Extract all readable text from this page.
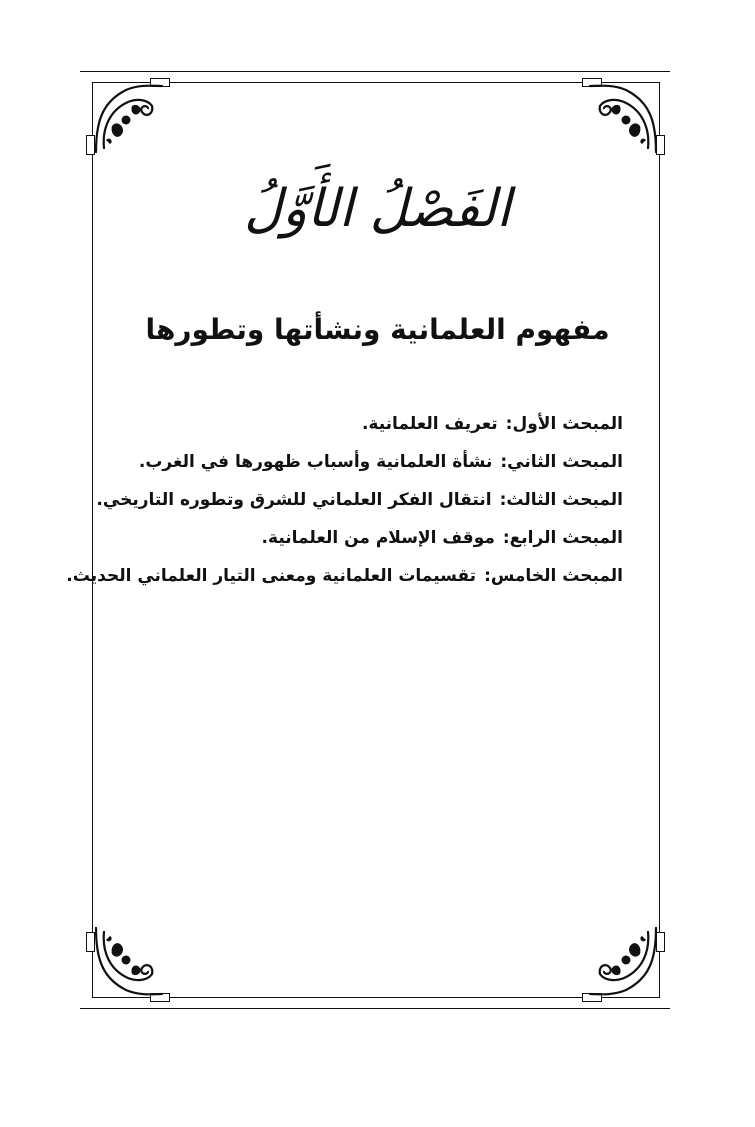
الفَصْلُ الأَوَّلُ
مفهوم العلمانية ونشأتها وتطورها
المبحث الأول:تعريف العلمانية.
المبحث الثاني:نشأة العلمانية وأسباب ظهورها في الغرب.
المبحث الثالث:انتقال الفكر العلماني للشرق وتطوره التاريخي.
المبحث الرابع:موقف الإسلام من العلمانية.
المبحث الخامس:تقسيمات العلمانية ومعنى التيار العلماني الحديث.
